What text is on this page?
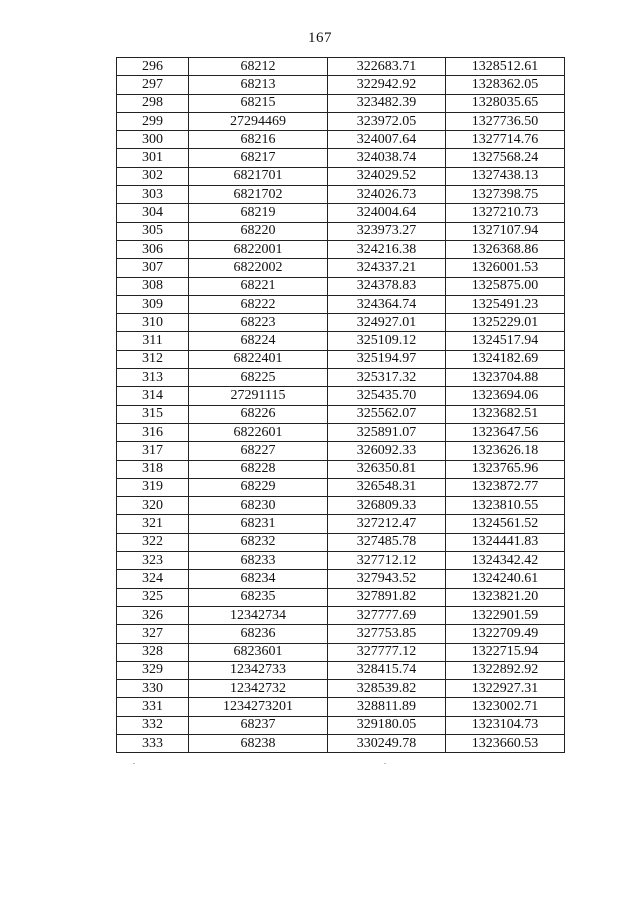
167
296	68212	322683.71	1328512.61
297	68213	322942.92	1328362.05
298	68215	323482.39	1328035.65
299	27294469	323972.05	1327736.50
300	68216	324007.64	1327714.76
301	68217	324038.74	1327568.24
302	6821701	324029.52	1327438.13
303	6821702	324026.73	1327398.75
304	68219	324004.64	1327210.73
305	68220	323973.27	1327107.94
306	6822001	324216.38	1326368.86
307	6822002	324337.21	1326001.53
308	68221	324378.83	1325875.00
309	68222	324364.74	1325491.23
310	68223	324927.01	1325229.01
311	68224	325109.12	1324517.94
312	6822401	325194.97	1324182.69
313	68225	325317.32	1323704.88
314	27291115	325435.70	1323694.06
315	68226	325562.07	1323682.51
316	6822601	325891.07	1323647.56
317	68227	326092.33	1323626.18
318	68228	326350.81	1323765.96
319	68229	326548.31	1323872.77
320	68230	326809.33	1323810.55
321	68231	327212.47	1324561.52
322	68232	327485.78	1324441.83
323	68233	327712.12	1324342.42
324	68234	327943.52	1324240.61
325	68235	327891.82	1323821.20
326	12342734	327777.69	1322901.59
327	68236	327753.85	1322709.49
328	6823601	327777.12	1322715.94
329	12342733	328415.74	1322892.92
330	12342732	328539.82	1322927.31
331	1234273201	328811.89	1323002.71
332	68237	329180.05	1323104.73
333	68238	330249.78	1323660.53
